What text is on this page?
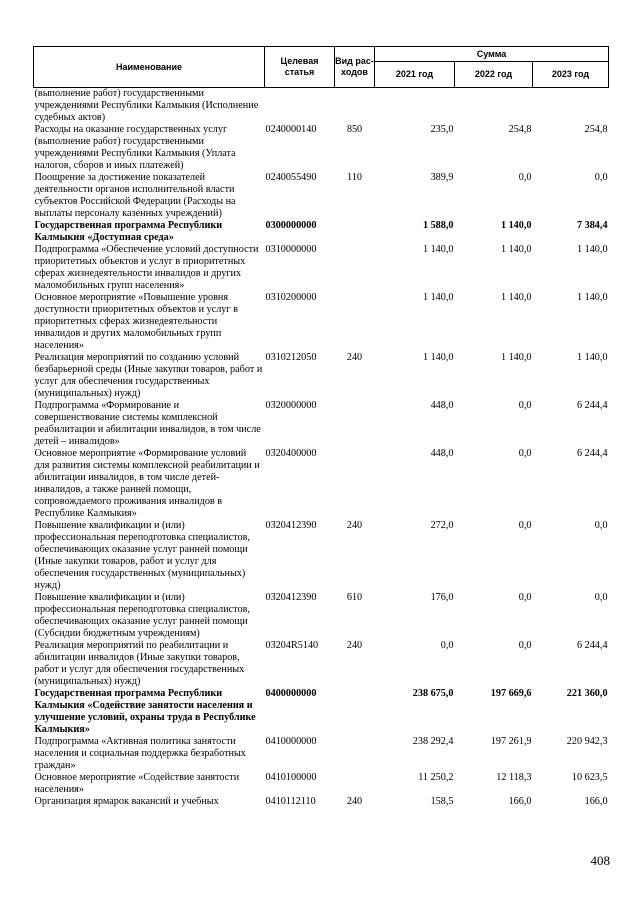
Наименование	Целевая статья	Вид рас-ходов	Сумма		
			2021 год	2022 год	2023 год
(выполнение работ) государственными учреждениями Республики Калмыкия (Исполнение судебных актов)					
Расходы на оказание государственных услуг (выполнение работ) государственными учреждениями Республики Калмыкия (Уплата налогов, сборов и иных платежей)	0240000140	850	235,0	254,8	254,8
Поощрение за достижение показателей деятельности органов исполнительной власти субъектов Российской Федерации (Расходы на выплаты персоналу казенных учреждений)	0240055490	110	389,9	0,0	0,0
Государственная программа Республики Калмыкия «Доступная среда»	0300000000		1 588,0	1 140,0	7 384,4
Подпрограмма «Обеспечение условий доступности приоритетных объектов и услуг в приоритетных сферах жизнедеятельности инвалидов и других маломобильных групп населения»	0310000000		1 140,0	1 140,0	1 140,0
Основное мероприятие «Повышение уровня доступности приоритетных объектов и услуг в приоритетных сферах жизнедеятельности инвалидов и других маломобильных групп населения»	0310200000		1 140,0	1 140,0	1 140,0
Реализация мероприятий по созданию условий безбарьерной среды (Иные закупки товаров, работ и услуг для обеспечения государственных (муниципальных) нужд)	0310212050	240	1 140,0	1 140,0	1 140,0
Подпрограмма «Формирование и совершенствование системы комплексной реабилитации и абилитации инвалидов, в том числе детей – инвалидов»	0320000000		448,0	0,0	6 244,4
Основное мероприятие «Формирование условий для развития системы комплексной реабилитации и абилитации инвалидов, в том числе детей-инвалидов, а также ранней помощи, сопровождаемого проживания инвалидов в Республике Калмыкия»	0320400000		448,0	0,0	6 244,4
Повышение квалификации и (или) профессиональная переподготовка специалистов, обеспечивающих оказание услуг ранней помощи (Иные закупки товаров, работ и услуг для обеспечения государственных (муниципальных) нужд)	0320412390	240	272,0	0,0	0,0
Повышение квалификации и (или) профессиональная переподготовка специалистов, обеспечивающих оказание услуг ранней помощи (Субсидии бюджетным учреждениям)	0320412390	610	176,0	0,0	0,0
Реализация мероприятий по реабилитации и абилитации инвалидов (Иные закупки товаров, работ и услуг для обеспечения государственных (муниципальных) нужд)	03204R5140	240	0,0	0,0	6 244,4
Государственная программа Республики Калмыкия «Содействие занятости населения и улучшение условий, охраны труда в Республике Калмыкия»	0400000000		238 675,0	197 669,6	221 360,0
Подпрограмма «Активная политика занятости населения и социальная поддержка безработных граждан»	0410000000		238 292,4	197 261,9	220 942,3
Основное мероприятие «Содействие занятости населения»	0410100000		11 250,2	12 118,3	10 623,5
Организация ярмарок вакансий и учебных	0410112110	240	158,5	166,0	166,0
408
